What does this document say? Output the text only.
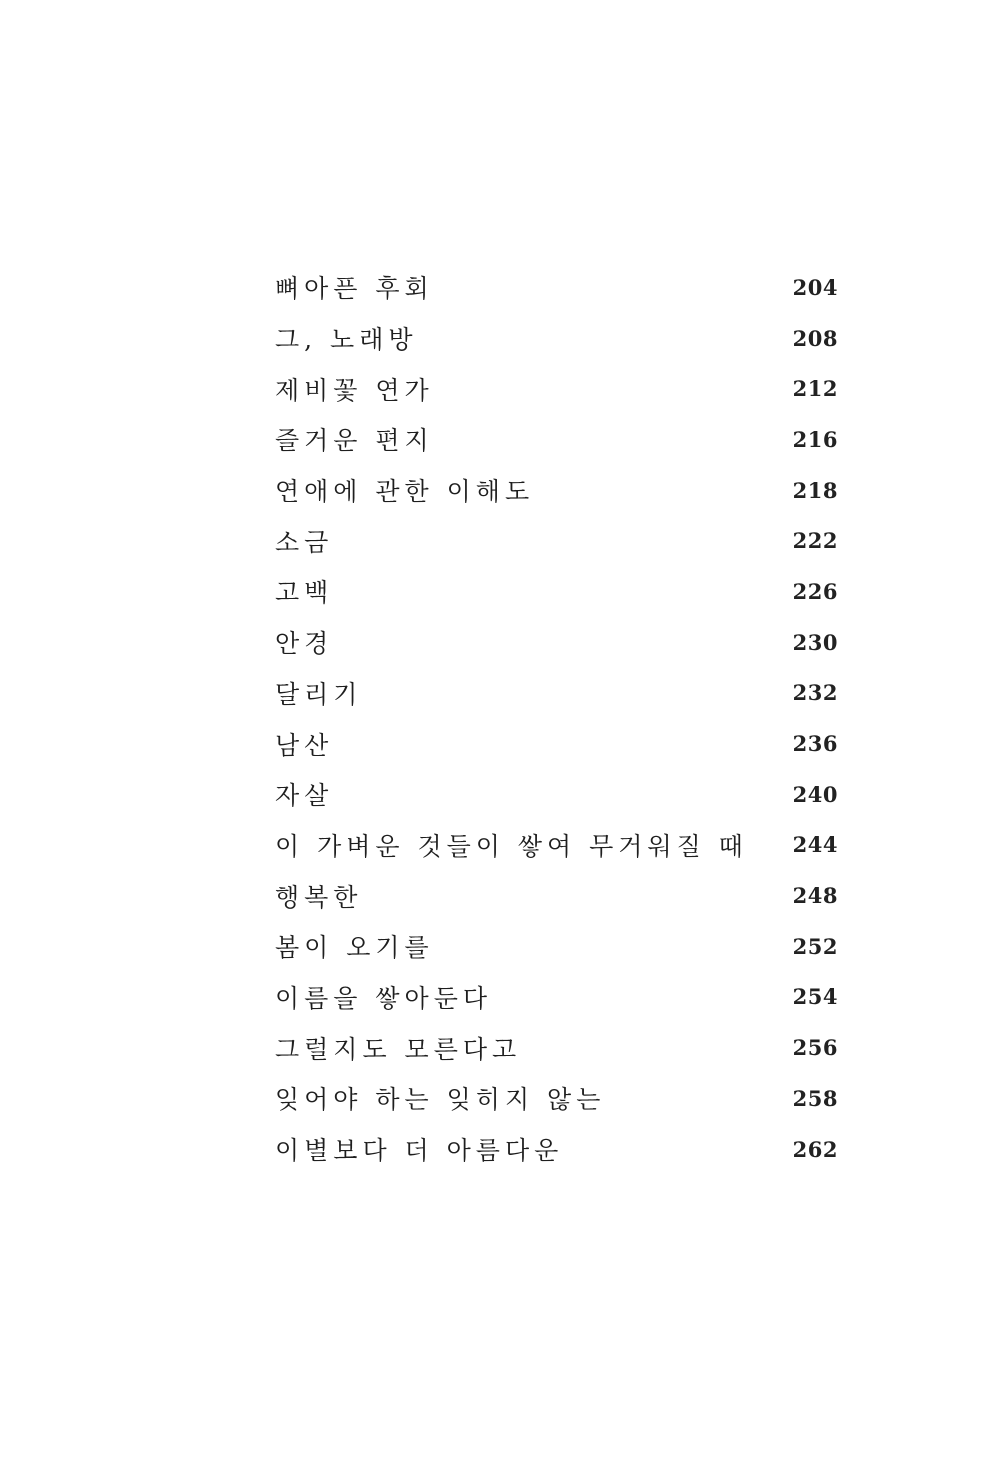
뼈아픈 후회	204
그, 노래방	208
제비꽃 연가	212
즐거운 편지	216
연애에 관한 이해도	218
소금	222
고백	226
안경	230
달리기	232
남산	236
자살	240
이 가벼운 것들이 쌓여 무거워질 때 244
행복한	248
봄이 오기를	252
이름을 쌓아둔다	254
그럴지도 모른다고	256
잊어야 하는 잊히지 않는	258
이별보다 더 아름다운	262
